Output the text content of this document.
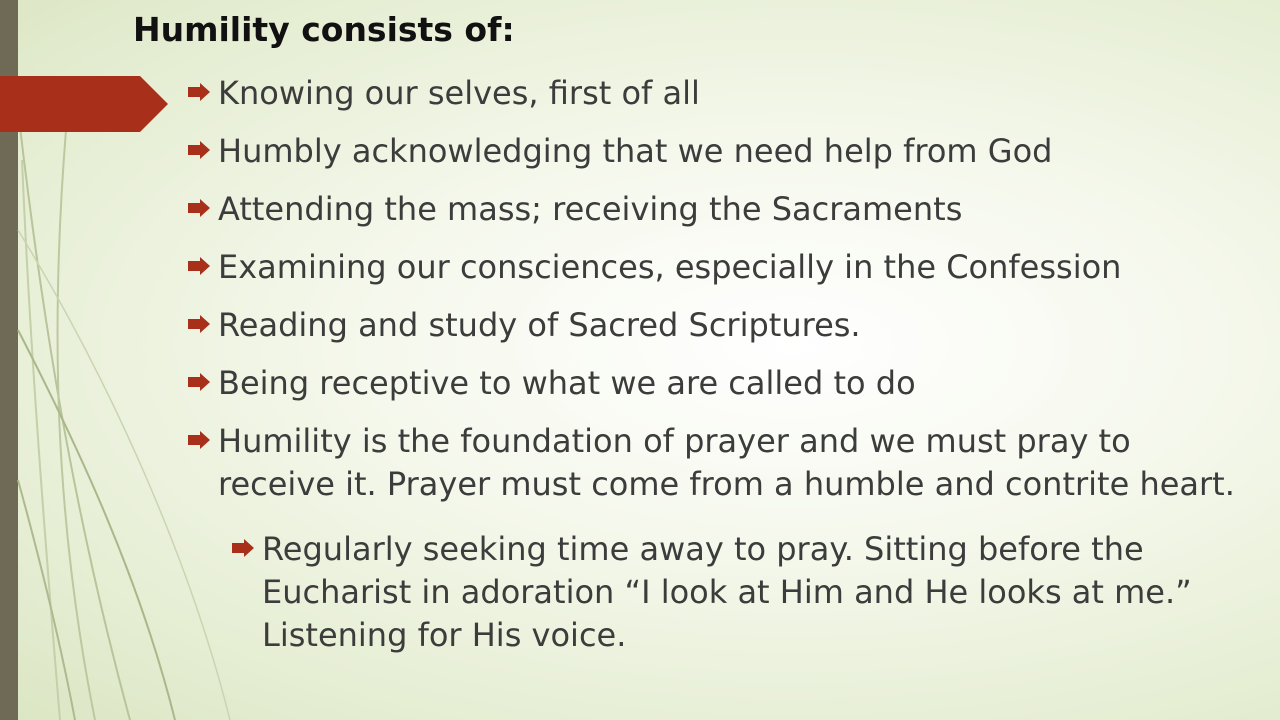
Humility consists of:
Knowing our selves, first of all
Humbly acknowledging that we need help from God
Attending the mass; receiving the Sacraments
Examining our consciences, especially in the Confession
Reading and study of Sacred Scriptures.
Being receptive to what we are called to do
Humility is the foundation of prayer and we must pray to receive it. Prayer must come from a humble and contrite heart.
Regularly seeking time away to pray. Sitting before the Eucharist in adoration “I look at Him and He looks at me.” Listening for His voice.
